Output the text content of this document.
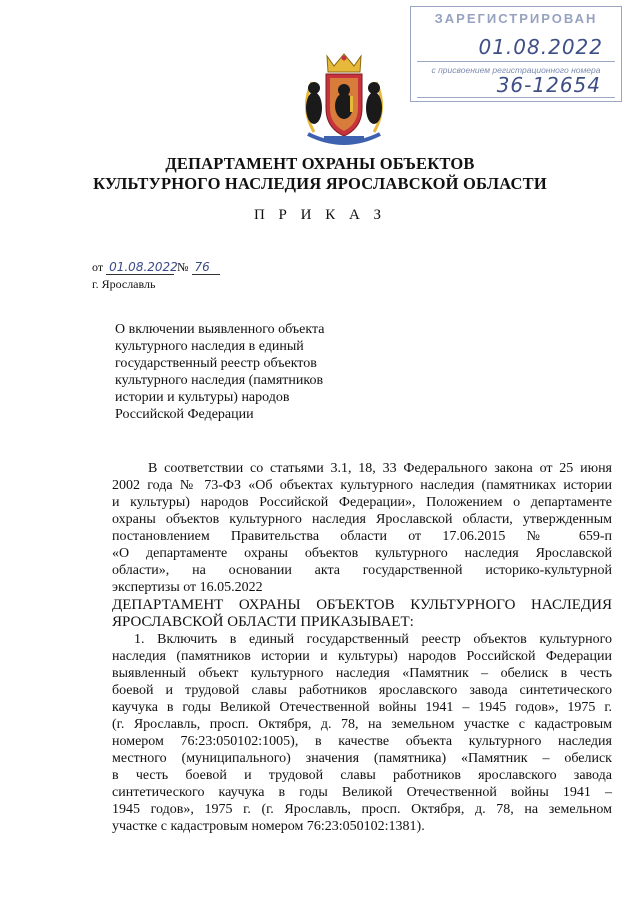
ЗАРЕГИСТРИРОВАН
01.08.2022
с присвоением регистрационного номера
36-12654
ДЕПАРТАМЕНТ ОХРАНЫ ОБЪЕКТОВ
КУЛЬТУРНОГО НАСЛЕДИЯ ЯРОСЛАВСКОЙ ОБЛАСТИ
П Р И К А З
от 01.08.2022 № 76
г. Ярославль
О включении выявленного объекта
культурного наследия в единый
государственный реестр объектов
культурного наследия (памятников
истории и культуры) народов
Российской Федерации
В соответствии со статьями 3.1, 18, 33 Федерального закона от 25 июня
2002 года № 73-ФЗ «Об объектах культурного наследия (памятниках истории
и культуры) народов Российской Федерации», Положением о департаменте
охраны объектов культурного наследия Ярославской области, утвержденным
постановлением Правительства области от 17.06.2015 № 659-п
«О департаменте охраны объектов культурного наследия Ярославской
области», на основании акта государственной историко-культурной
экспертизы от 16.05.2022
ДЕПАРТАМЕНТ ОХРАНЫ ОБЪЕКТОВ КУЛЬТУРНОГО НАСЛЕДИЯ
ЯРОСЛАВСКОЙ ОБЛАСТИ ПРИКАЗЫВАЕТ:
1. Включить в единый государственный реестр объектов культурного
наследия (памятников истории и культуры) народов Российской Федерации
выявленный объект культурного наследия «Памятник – обелиск в честь
боевой и трудовой славы работников ярославского завода синтетического
каучука в годы Великой Отечественной войны 1941 – 1945 годов», 1975 г.
(г. Ярославль, просп. Октября, д. 78, на земельном участке с кадастровым
номером 76:23:050102:1005), в качестве объекта культурного наследия
местного (муниципального) значения (памятника) «Памятник – обелиск
в честь боевой и трудовой славы работников ярославского завода
синтетического каучука в годы Великой Отечественной войны 1941 –
1945 годов», 1975 г. (г. Ярославль, просп. Октября, д. 78, на земельном
участке с кадастровым номером 76:23:050102:1381).
